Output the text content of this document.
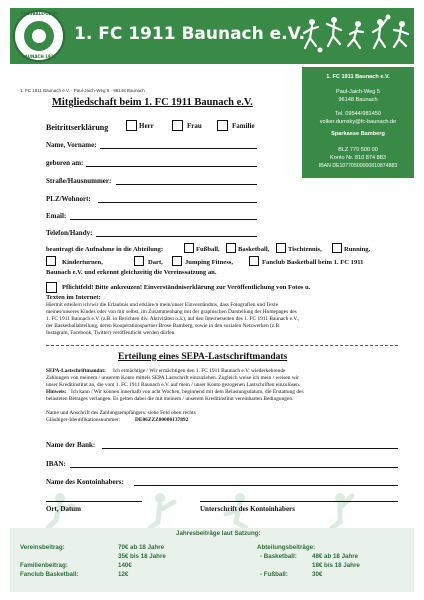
FUSSBALL-CLUB
BAUNACH 1911
1. FC 1911 Baunach e.V.
1. FC 1911 Baunach e.V. · Paul-Jaich-Weg 5 · 96148 Baunach
1. FC 1911 Baunach e.V.
Paul-Jaich-Weg 5
96148 Baunach
Tel. 09544/981450
volker.dumsky@fc-baunach.de
Sparkasse Bamberg
BLZ 770 500 00
Konto Nr. 810 874 883
IBAN DE10770500000810874883
Mitgliedschaft beim 1. FC 1911 Baunach e.V.
Beitrittserklärung	Herr	Frau	Familie
Name, Vorname:
geboren am:
Straße/Hausnummer:
PLZ/Wohnort:
Email:
Telefon/Handy:
beantragt die Aufnahme in die Abteilung:	Fußball,	Basketball,	Tischtennis,	Running,
Kinderturnen,	Dart,	Jumping Fitness,	Fanclub Basketball beim 1. FC 1911
Baunach e.V. und erkennt gleichzeitig die Vereinssatzung an.
Pflichtfeld! Bitte ankreuzen! Einverständniserklärung zur Veröffentlichung von Fotos u.
Texten im Internet:
Hiermit erteile/n ich/wir die Erlaubnis und erkläre/n mein/unser Einverständnis, dass Fotografien und Texte
meines/unseres Kindes oder von mir selbst, im Zusammenhang mit der graphischen Darstellung der Homepages des
1. FC 1911 Baunach e.V. (z.B. in Berichten div. Aktivitäten o.ä.), auf den Internetseiten des 1. FC 1911 Baunach e.V.,
der Basketballabteilung, deren Kooperationspartner Brose Bamberg, sowie in den sozialen Netzwerken (z.B.
Instagram, Facebook, Twitter) veröffentlicht werden dürfen.
Erteilung eines SEPA-Lastschriftmandats
SEPA-Lastschriftmandat: Ich ermächtige / Wir ermächtigen den 1. FC 1911 Baunach e.V. wiederkehrende
Zahlungen von meinem / unserem Konto mittels SEPA Lastschrift einzuziehen. Zugleich weise ich mein / weisen wir
unser Kreditinstitut an, die vom 1. FC 1911 Baunach e.V. auf mein / unser Konto gezogenen Lastschriften einzulösen.
Hinweis: Ich kann / Wir können innerhalb von acht Wochen, beginnend mit dem Belastungsdatum, die Erstattung des
belasteten Betrages verlangen. Es gelten dabei die mit meinem / unserem Kreditinstitut vereinbarten Bedingungen.
Name und Anschrift des Zahlungsempfängers: siehe Feld oben rechts
Gläubiger-Identifikationsnummer:	DE06ZZZ00000137892
Name der Bank:
IBAN:
Name des Kontoinhabers:
Ort, Datum	Unterschrift des Kontoinhabers
Jahresbeiträge laut Satzung:
Vereinsbeitrag:	70€ ab 18 Jahre
35€ bis 18 Jahre
Familienbeitrag:	140€
Fanclub Basketball:	12€
Abteilungsbeiträge:
- Basketball: 48€ ab 18 Jahre
18€ bis 18 Jahre
- Fußball:	30€
